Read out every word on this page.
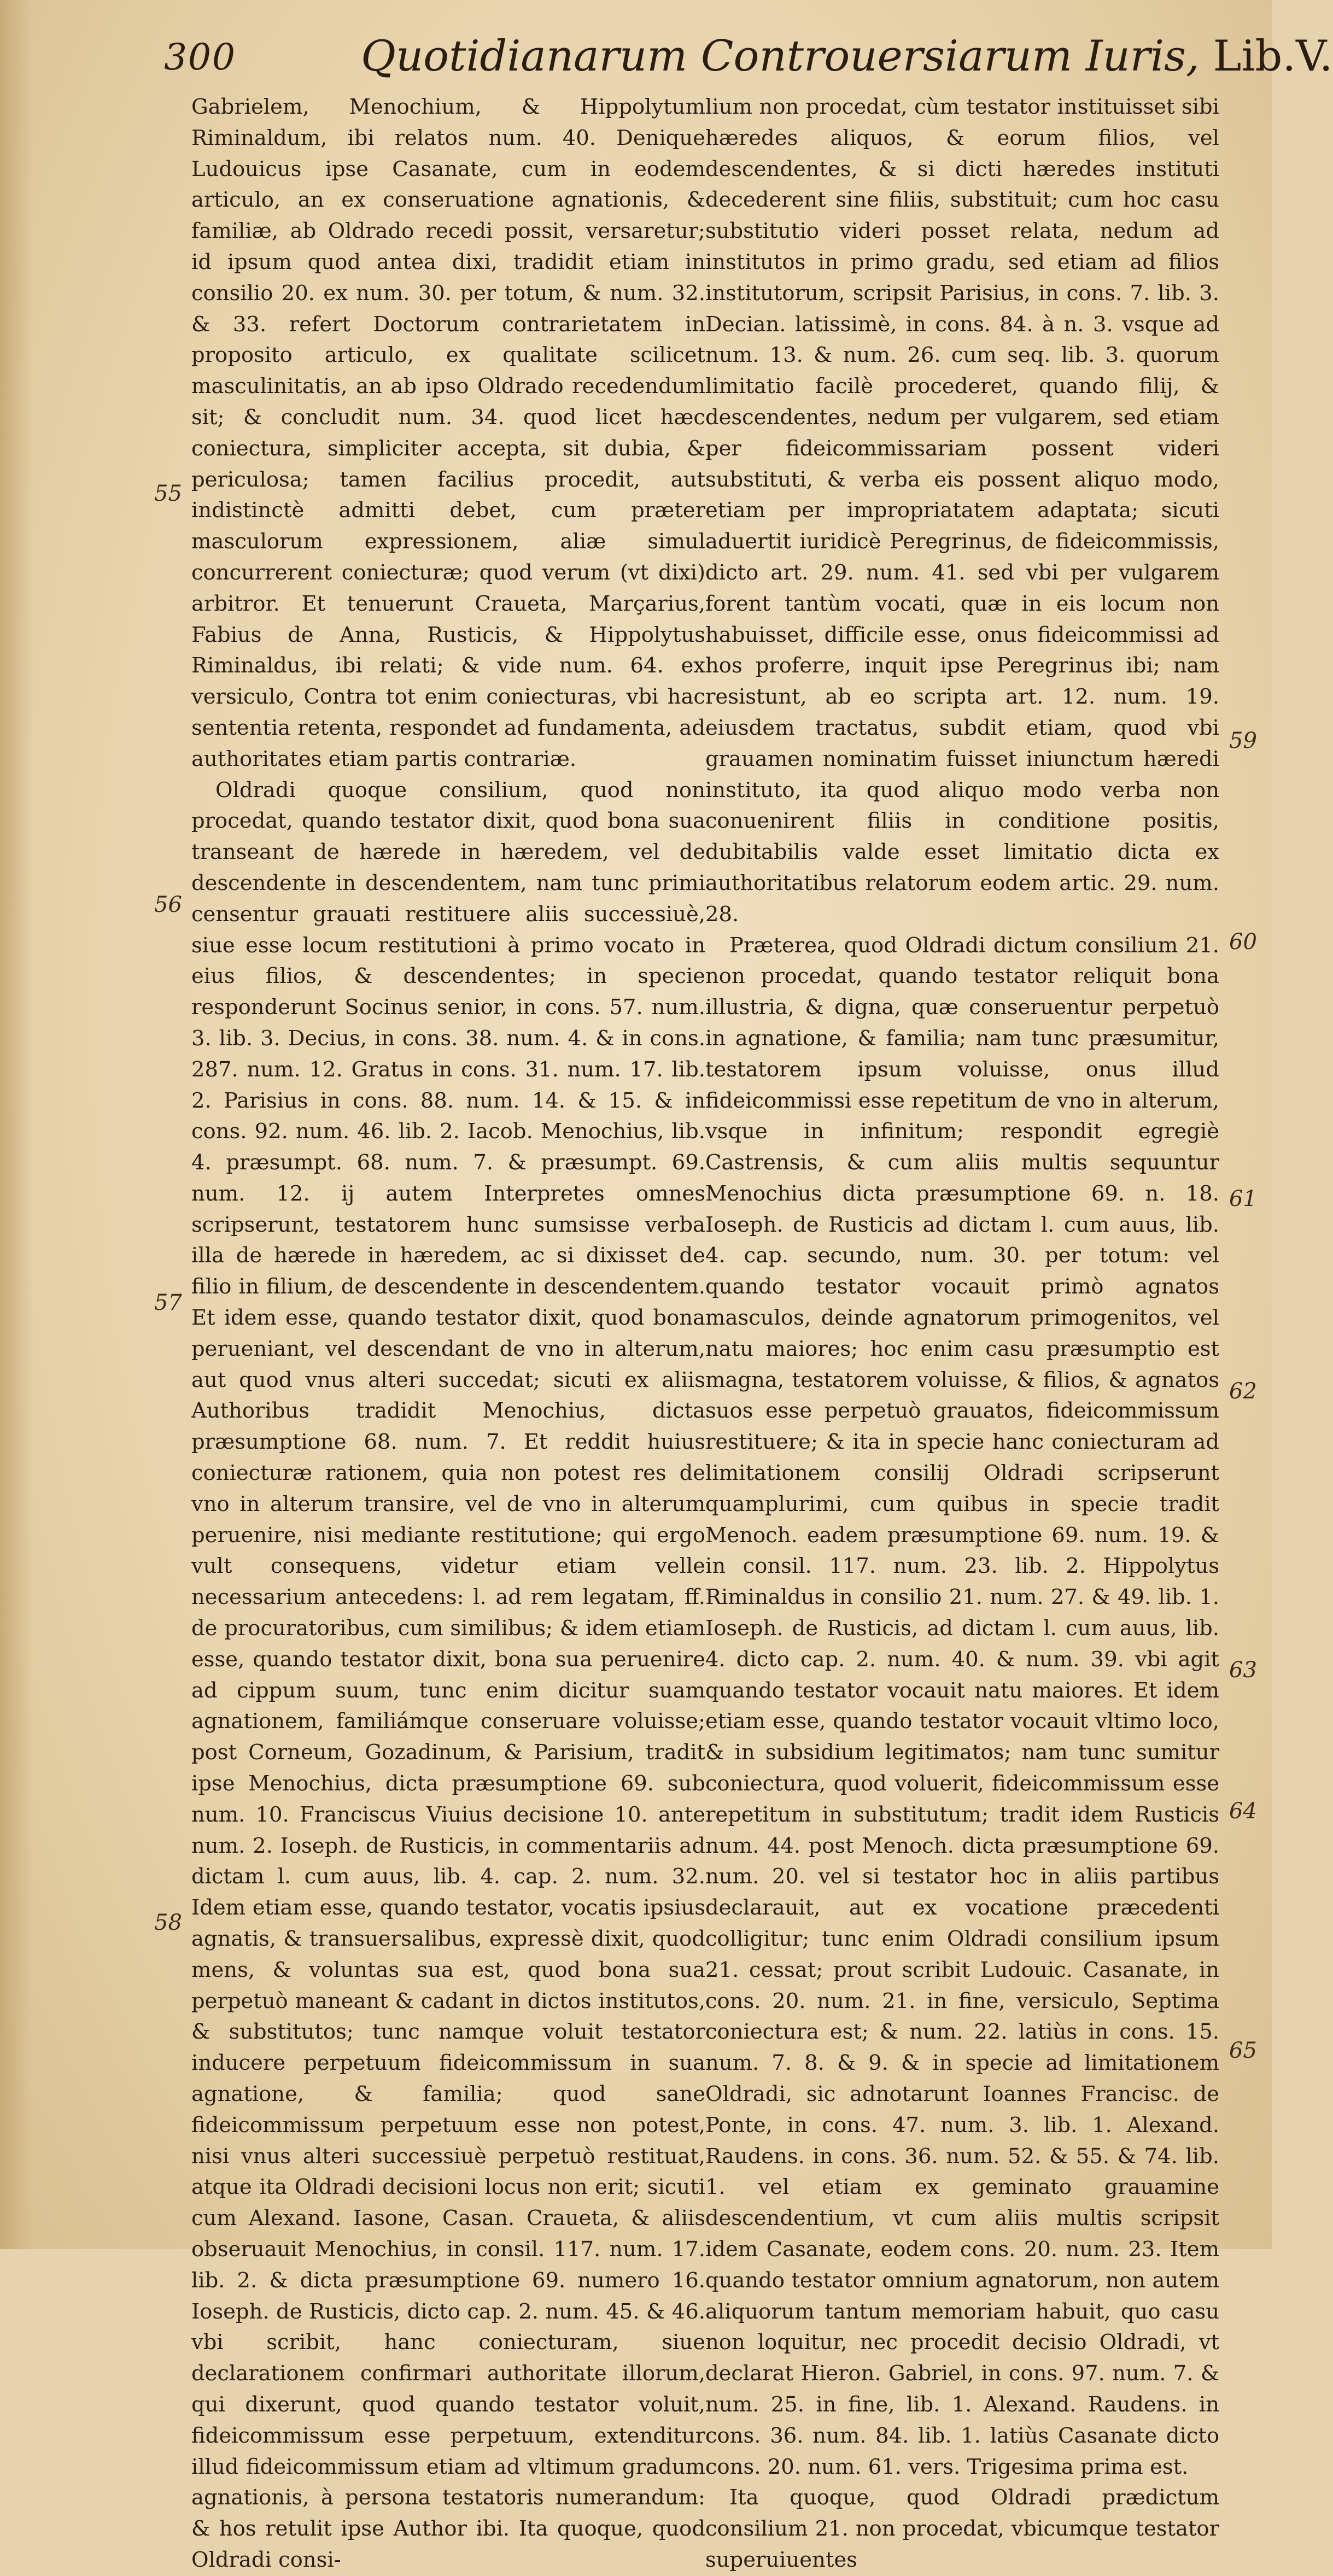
300	Quotidianarum Controuersiarum Iuris, Lib.V.

Gabrielem, Menochium, & Hippolytum Riminaldum, ibi relatos num. 40. Denique Ludouicus ipse Casanate, cum in eodem articulo, an ex conseruatione agnationis, & familiæ, ab Oldrado recedi possit, versaretur; id ipsum quod antea dixi, tradidit etiam in consilio 20. ex num. 30. per totum, & num. 32. & 33. refert Doctorum contrarietatem in proposito articulo, ex qualitate scilicet masculinitatis, an ab ipso Oldrado recedendum sit; & concludit num. 34. quod licet hæc coniectura, simpliciter accepta, sit dubia, & periculosa; tamen facilius procedit, aut indistinctè admitti debet, cum præter masculorum expressionem, aliæ simul concurrerent coniecturæ; quod verum (vt dixi) arbitror. Et tenuerunt Craueta, Marçarius, Fabius de Anna, Rusticis, & Hippolytus Riminaldus, ibi relati; & vide num. 64. ex versiculo, Contra tot enim coniecturas, vbi hac sententia retenta, respondet ad fundamenta, ad authoritates etiam partis contrariæ.

Oldradi quoque consilium, quod non procedat, quando testator dixit, quod bona sua transeant de hærede in hæredem, vel de descendente in descendentem, nam tunc primi censentur grauati restituere aliis successiuè, siue esse locum restitutioni à primo vocato in eius filios, & descendentes; in specie responderunt Socinus senior, in cons. 57. num. 3. lib. 3. Decius, in cons. 38. num. 4. & in cons. 287. num. 12. Gratus in cons. 31. num. 17. lib. 2. Parisius in cons. 88. num. 14. & 15. & in cons. 92. num. 46. lib. 2. Iacob. Menochius, lib. 4. præsumpt. 68. num. 7. & præsumpt. 69. num. 12. ij autem Interpretes omnes scripserunt, testatorem hunc sumsisse verba illa de hærede in hæredem, ac si dixisset de filio in filium, de descendente in descendentem. Et idem esse, quando testator dixit, quod bona perueniant, vel descendant de vno in alterum, aut quod vnus alteri succedat; sicuti ex aliis Authoribus tradidit Menochius, dicta præsumptione 68. num. 7. Et reddit huius coniecturæ rationem, quia non potest res de vno in alterum transire, vel de vno in alterum peruenire, nisi mediante restitutione; qui ergo vult consequens, videtur etiam velle necessarium antecedens: l. ad rem legatam, ff. de procuratoribus, cum similibus; & idem etiam esse, quando testator dixit, bona sua peruenire ad cippum suum, tunc enim dicitur suam agnationem, familiámque conseruare voluisse; post Corneum, Gozadinum, & Parisium, tradit ipse Menochius, dicta præsumptione 69. sub num. 10. Franciscus Viuius decisione 10. ante num. 2. Ioseph. de Rusticis, in commentariis ad dictam l. cum auus, lib. 4. cap. 2. num. 32. Idem etiam esse, quando testator, vocatis ipsius agnatis, & transuersalibus, expressè dixit, quod mens, & voluntas sua est, quod bona sua perpetuò maneant & cadant in dictos institutos, & substitutos; tunc namque voluit testator inducere perpetuum fideicommissum in sua agnatione, & familia; quod sane fideicommissum perpetuum esse non potest, nisi vnus alteri successiuè perpetuò restituat, atque ita Oldradi decisioni locus non erit; sicuti cum Alexand. Iasone, Casan. Craueta, & aliis obseruauit Menochius, in consil. 117. num. 17. lib. 2. & dicta præsumptione 69. numero 16. Ioseph. de Rusticis, dicto cap. 2. num. 45. & 46. vbi scribit, hanc coniecturam, siue declarationem confirmari authoritate illorum, qui dixerunt, quod quando testator voluit, fideicommissum esse perpetuum, extenditur illud fideicommissum etiam ad vltimum gradum agnationis, à persona testatoris numerandum: & hos retulit ipse Author ibi. Ita quoque, quod Oldradi consi-

lium non procedat, cùm testator instituisset sibi hæredes aliquos, & eorum filios, vel descendentes, & si dicti hæredes instituti decederent sine filiis, substituit; cum hoc casu substitutio videri posset relata, nedum ad institutos in primo gradu, sed etiam ad filios institutorum, scripsit Parisius, in cons. 7. lib. 3. Decian. latissimè, in cons. 84. à n. 3. vsque ad num. 13. & num. 26. cum seq. lib. 3. quorum limitatio facilè procederet, quando filij, & descendentes, nedum per vulgarem, sed etiam per fideicommissariam possent videri substituti, & verba eis possent aliquo modo, etiam per impropriatatem adaptata; sicuti aduertit iuridicè Peregrinus, de fideicommissis, dicto art. 29. num. 41. sed vbi per vulgarem forent tantùm vocati, quæ in eis locum non habuisset, difficile esse, onus fideicommissi ad hos proferre, inquit ipse Peregrinus ibi; nam resistunt, ab eo scripta art. 12. num. 19. eiusdem tractatus, subdit etiam, quod vbi grauamen nominatim fuisset iniunctum hæredi instituto, ita quod aliquo modo verba non conuenirent filiis in conditione positis, dubitabilis valde esset limitatio dicta ex authoritatibus relatorum eodem artic. 29. num. 28.

Præterea, quod Oldradi dictum consilium 21. non procedat, quando testator reliquit bona illustria, & digna, quæ conseruentur perpetuò in agnatione, & familia; nam tunc præsumitur, testatorem ipsum voluisse, onus illud fideicommissi esse repetitum de vno in alterum, vsque in infinitum; respondit egregiè Castrensis, & cum aliis multis sequuntur Menochius dicta præsumptione 69. n. 18. Ioseph. de Rusticis ad dictam l. cum auus, lib. 4. cap. secundo, num. 30. per totum: vel quando testator vocauit primò agnatos masculos, deinde agnatorum primogenitos, vel natu maiores; hoc enim casu præsumptio est magna, testatorem voluisse, & filios, & agnatos suos esse perpetuò grauatos, fideicommissum restituere; & ita in specie hanc coniecturam ad limitationem consilij Oldradi scripserunt quamplurimi, cum quibus in specie tradit Menoch. eadem præsumptione 69. num. 19. & in consil. 117. num. 23. lib. 2. Hippolytus Riminaldus in consilio 21. num. 27. & 49. lib. 1. Ioseph. de Rusticis, ad dictam l. cum auus, lib. 4. dicto cap. 2. num. 40. & num. 39. vbi agit quando testator vocauit natu maiores. Et idem etiam esse, quando testator vocauit vltimo loco, & in subsidium legitimatos; nam tunc sumitur coniectura, quod voluerit, fideicommissum esse repetitum in substitutum; tradit idem Rusticis num. 44. post Menoch. dicta præsumptione 69. num. 20. vel si testator hoc in aliis partibus declarauit, aut ex vocatione præcedenti colligitur; tunc enim Oldradi consilium ipsum 21. cessat; prout scribit Ludouic. Casanate, in cons. 20. num. 21. in fine, versiculo, Septima coniectura est; & num. 22. latiùs in cons. 15. num. 7. 8. & 9. & in specie ad limitationem Oldradi, sic adnotarunt Ioannes Francisc. de Ponte, in cons. 47. num. 3. lib. 1. Alexand. Raudens. in cons. 36. num. 52. & 55. & 74. lib. 1. vel etiam ex geminato grauamine descendentium, vt cum aliis multis scripsit idem Casanate, eodem cons. 20. num. 23. Item quando testator omnium agnatorum, non autem aliquorum tantum memoriam habuit, quo casu non loquitur, nec procedit decisio Oldradi, vt declarat Hieron. Gabriel, in cons. 97. num. 7. & num. 25. in fine, lib. 1. Alexand. Raudens. in cons. 36. num. 84. lib. 1. latiùs Casanate dicto cons. 20. num. 61. vers. Trigesima prima est.

Ita quoque, quod Oldradi prædictum consilium 21. non procedat, vbicumque testator superuiuentes

55
56
57
58
59
60
61
62
63
64
65
